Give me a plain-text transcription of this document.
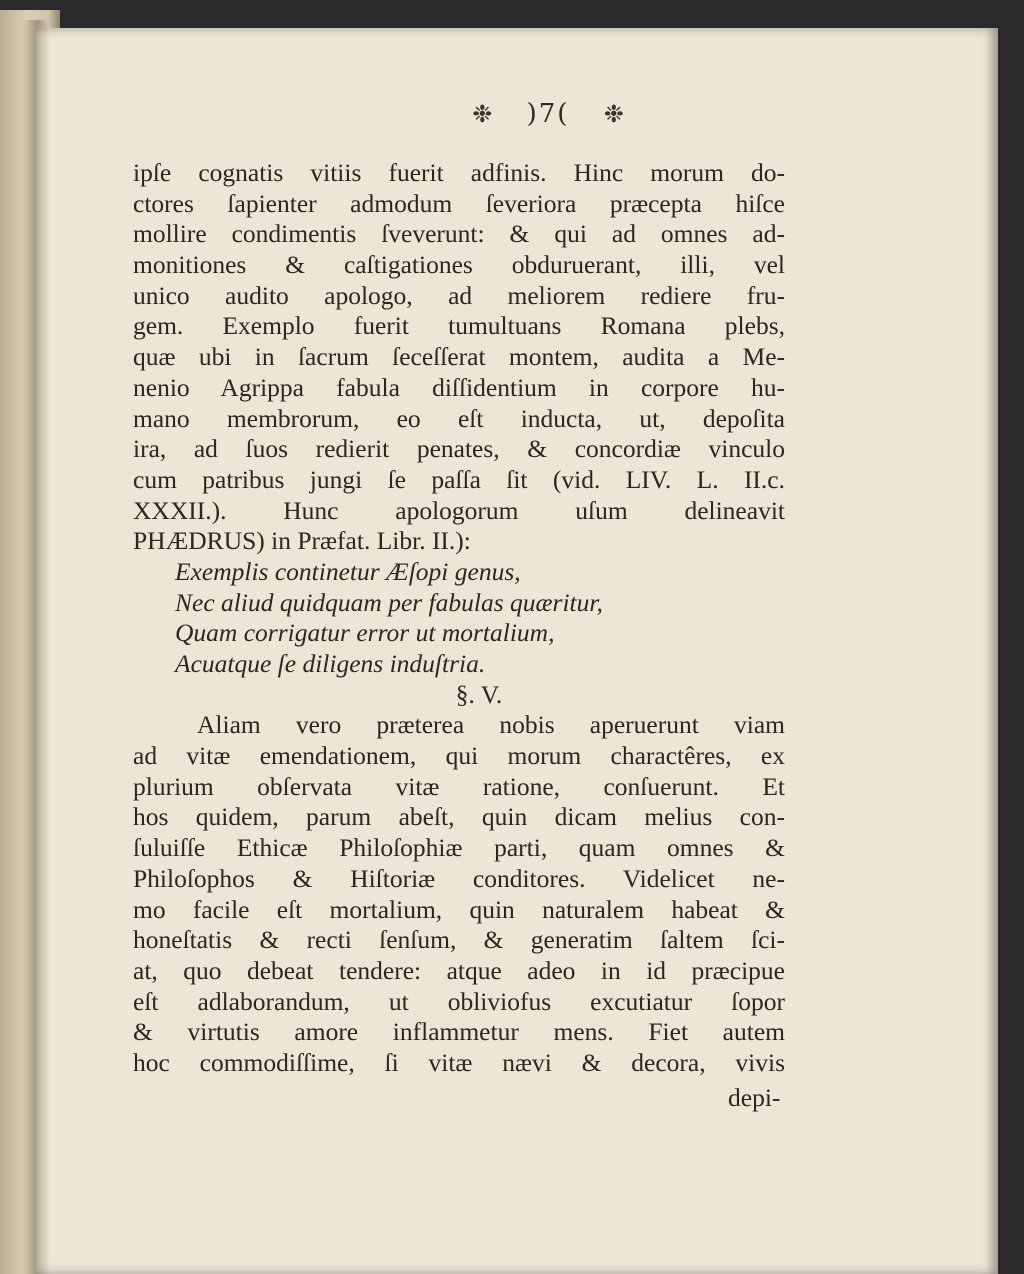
❉ )7( ❉
ipſe cognatis vitiis fuerit adfinis. Hinc morum do-
ctores ſapienter admodum ſeveriora præcepta hiſce
mollire condimentis ſveverunt: & qui ad omnes ad-
monitiones & caſtigationes obduruerant, illi, vel
unico audito apologo, ad meliorem rediere fru-
gem. Exemplo fuerit tumultuans Romana plebs,
quæ ubi in ſacrum ſeceſſerat montem, audita a Me-
nenio Agrippa fabula diſſidentium in corpore hu-
mano membrorum, eo eſt inducta, ut, depoſita
ira, ad ſuos redierit penates, & concordiæ vinculo
cum patribus jungi ſe paſſa ſit (vid. LIV. L. II.c.
XXXII.). Hunc apologorum uſum delineavit
PHÆDRUS) in Præfat. Libr. II.):
Exemplis continetur Æſopi genus,
Nec aliud quidquam per fabulas quæritur,
Quam corrigatur error ut mortalium,
Acuatque ſe diligens induſtria.
§. V.
Aliam vero præterea nobis aperuerunt viam
ad vitæ emendationem, qui morum charactêres, ex
plurium obſervata vitæ ratione, conſuerunt. Et
hos quidem, parum abeſt, quin dicam melius con-
ſuluiſſe Ethicæ Philoſophiæ parti, quam omnes &
Philoſophos & Hiſtoriæ conditores. Videlicet ne-
mo facile eſt mortalium, quin naturalem habeat &
honeſtatis & recti ſenſum, & generatim ſaltem ſci-
at, quo debeat tendere: atque adeo in id præcipue
eſt adlaborandum, ut obliviofus excutiatur ſopor
& virtutis amore inflammetur mens. Fiet autem
hoc commodiſſime, ſi vitæ nævi & decora, vivis
depi-
